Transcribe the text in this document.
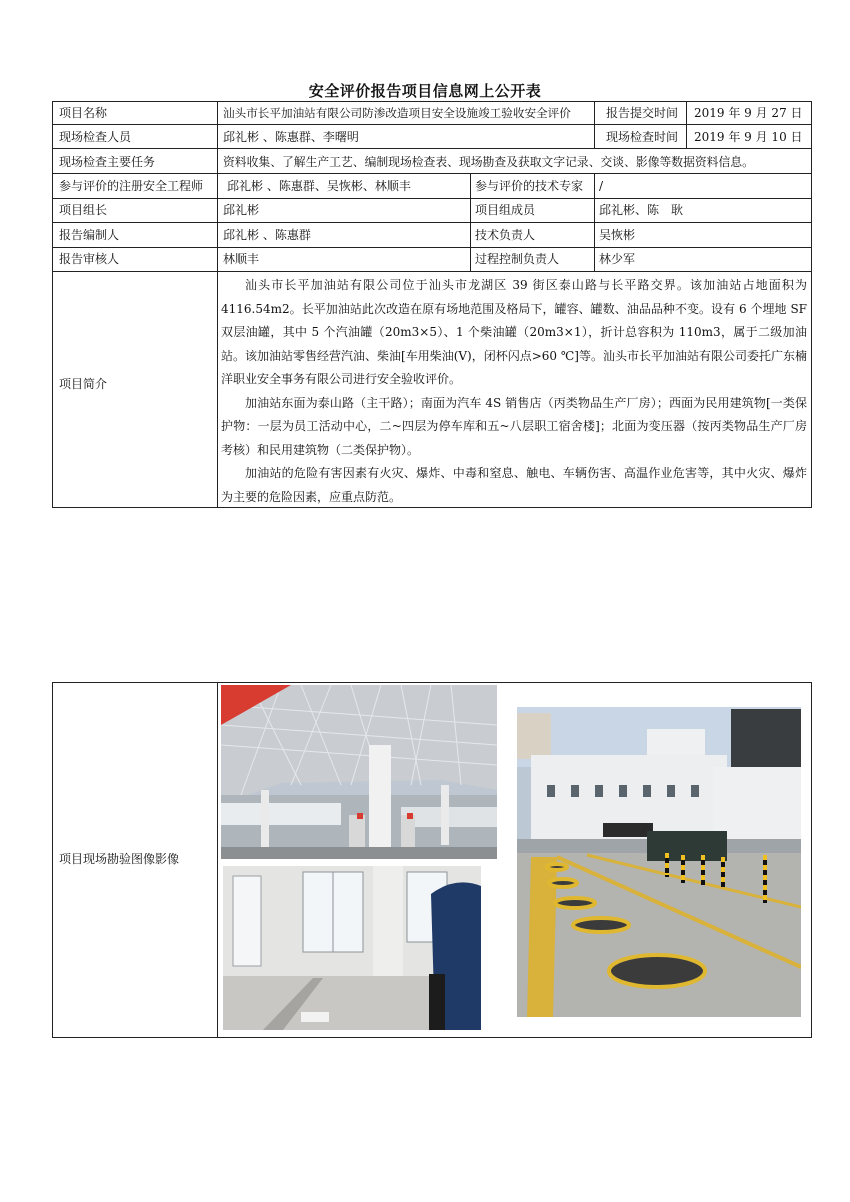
安全评价报告项目信息网上公开表
项目名称	汕头市长平加油站有限公司防渗改造项目安全设施竣工验收安全评价	报告提交时间 2019 年 9 月 27 日
现场检查人员	邱礼彬 、陈惠群、李曙明	现场检查时间 2019 年 9 月 10 日
现场检查主要任务	资料收集、了解生产工艺、编制现场检查表、现场勘查及获取文字记录、交谈、影像等数据资料信息。
参与评价的注册安全工程师 邱礼彬 、陈惠群、吴恢彬、林顺丰	参与评价的技术专家 /
项目组长	邱礼彬	项目组成员	邱礼彬、陈　耿
报告编制人	邱礼彬 、陈惠群	技术负责人	吴恢彬
报告审核人	林顺丰	过程控制负责人	林少军
项目简介

汕头市长平加油站有限公司位于汕头市龙湖区 39 街区泰山路与长平路交界。该加油站占地面积为 4116.54m2。长平加油站此次改造在原有场地范围及格局下，罐容、罐数、油品品种不变。设有 6 个埋地 SF 双层油罐，其中 5 个汽油罐（20m3×5）、1 个柴油罐（20m3×1），折计总容积为 110m3，属于二级加油站。该加油站零售经营汽油、柴油[车用柴油(Ⅴ)，闭杯闪点>60 ℃]等。汕头市长平加油站有限公司委托广东楠洋职业安全事务有限公司进行安全验收评价。

加油站东面为泰山路（主干路）；南面为汽车 4S 销售店（丙类物品生产厂房）；西面为民用建筑物[一类保护物：一层为员工活动中心，二~四层为停车库和五~八层职工宿舍楼]；北面为变压器（按丙类物品生产厂房考核）和民用建筑物（二类保护物）。

加油站的危险有害因素有火灾、爆炸、中毒和窒息、触电、车辆伤害、高温作业危害等，其中火灾、爆炸为主要的危险因素，应重点防范。

项目现场勘验图像影像
